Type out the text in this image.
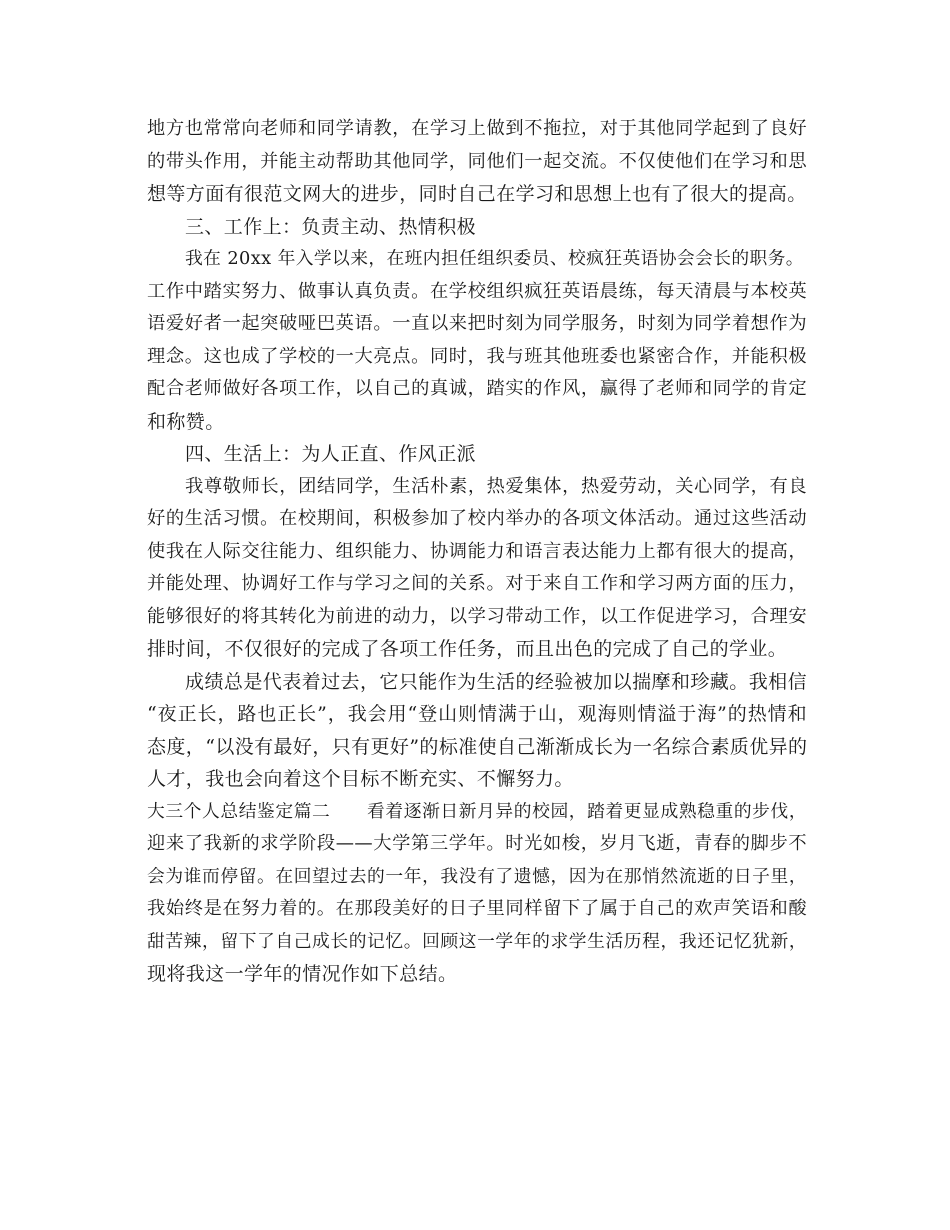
地方也常常向老师和同学请教，在学习上做到不拖拉，对于其他同学起到了良好
的带头作用，并能主动帮助其他同学，同他们一起交流。不仅使他们在学习和思
想等方面有很范文网大的进步，同时自己在学习和思想上也有了很大的提高。
三、工作上：负责主动、热情积极
我在 20xx 年入学以来，在班内担任组织委员、校疯狂英语协会会长的职务。
工作中踏实努力、做事认真负责。在学校组织疯狂英语晨练，每天清晨与本校英
语爱好者一起突破哑巴英语。一直以来把时刻为同学服务，时刻为同学着想作为
理念。这也成了学校的一大亮点。同时，我与班其他班委也紧密合作，并能积极
配合老师做好各项工作，以自己的真诚，踏实的作风，赢得了老师和同学的肯定
和称赞。
四、生活上：为人正直、作风正派
我尊敬师长，团结同学，生活朴素，热爱集体，热爱劳动，关心同学，有良
好的生活习惯。在校期间，积极参加了校内举办的各项文体活动。通过这些活动
使我在人际交往能力、组织能力、协调能力和语言表达能力上都有很大的提高，
并能处理、协调好工作与学习之间的关系。对于来自工作和学习两方面的压力，
能够很好的将其转化为前进的动力，以学习带动工作，以工作促进学习，合理安
排时间，不仅很好的完成了各项工作任务，而且出色的完成了自己的学业。
成绩总是代表着过去，它只能作为生活的经验被加以揣摩和珍藏。我相信
“夜正长，路也正长”，我会用“登山则情满于山，观海则情溢于海”的热情和
态度，“以没有最好，只有更好”的标准使自己渐渐成长为一名综合素质优异的
人才，我也会向着这个目标不断充实、不懈努力。
大三个人总结鉴定篇二　　看着逐渐日新月异的校园，踏着更显成熟稳重的步伐，
迎来了我新的求学阶段——大学第三学年。时光如梭，岁月飞逝，青春的脚步不
会为谁而停留。在回望过去的一年，我没有了遗憾，因为在那悄然流逝的日子里，
我始终是在努力着的。在那段美好的日子里同样留下了属于自己的欢声笑语和酸
甜苦辣，留下了自己成长的记忆。回顾这一学年的求学生活历程，我还记忆犹新，
现将我这一学年的情况作如下总结。
